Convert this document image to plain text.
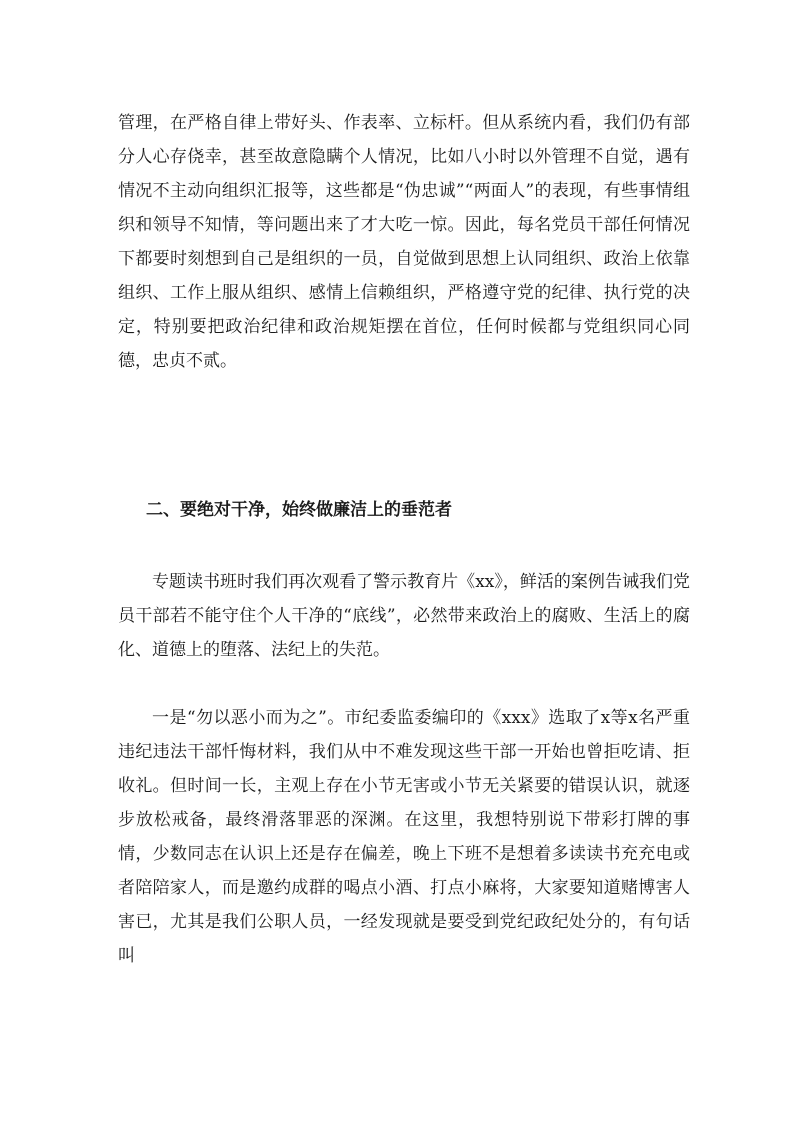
管理，在严格自律上带好头、作表率、立标杆。但从系统内看，我们仍有部分人心存侥幸，甚至故意隐瞒个人情况，比如八小时以外管理不自觉，遇有情况不主动向组织汇报等，这些都是“伪忠诚”“两面人”的表现，有些事情组织和领导不知情，等问题出来了才大吃一惊。因此，每名党员干部任何情况下都要时刻想到自己是组织的一员，自觉做到思想上认同组织、政治上依靠组织、工作上服从组织、感情上信赖组织，严格遵守党的纪律、执行党的决定，特别要把政治纪律和政治规矩摆在首位，任何时候都与党组织同心同德，忠贞不贰。

二、要绝对干净，始终做廉洁上的垂范者

专题读书班时我们再次观看了警示教育片《xx》，鲜活的案例告诫我们党员干部若不能守住个人干净的“底线”，必然带来政治上的腐败、生活上的腐化、道德上的堕落、法纪上的失范。

一是“勿以恶小而为之”。市纪委监委编印的《xxx》选取了x等x名严重违纪违法干部忏悔材料，我们从中不难发现这些干部一开始也曾拒吃请、拒收礼。但时间一长，主观上存在小节无害或小节无关紧要的错误认识，就逐步放松戒备，最终滑落罪恶的深渊。在这里，我想特别说下带彩打牌的事情，少数同志在认识上还是存在偏差，晚上下班不是想着多读读书充充电或者陪陪家人，而是邀约成群的喝点小酒、打点小麻将，大家要知道赌博害人害已，尤其是我们公职人员，一经发现就是要受到党纪政纪处分的，有句话叫
